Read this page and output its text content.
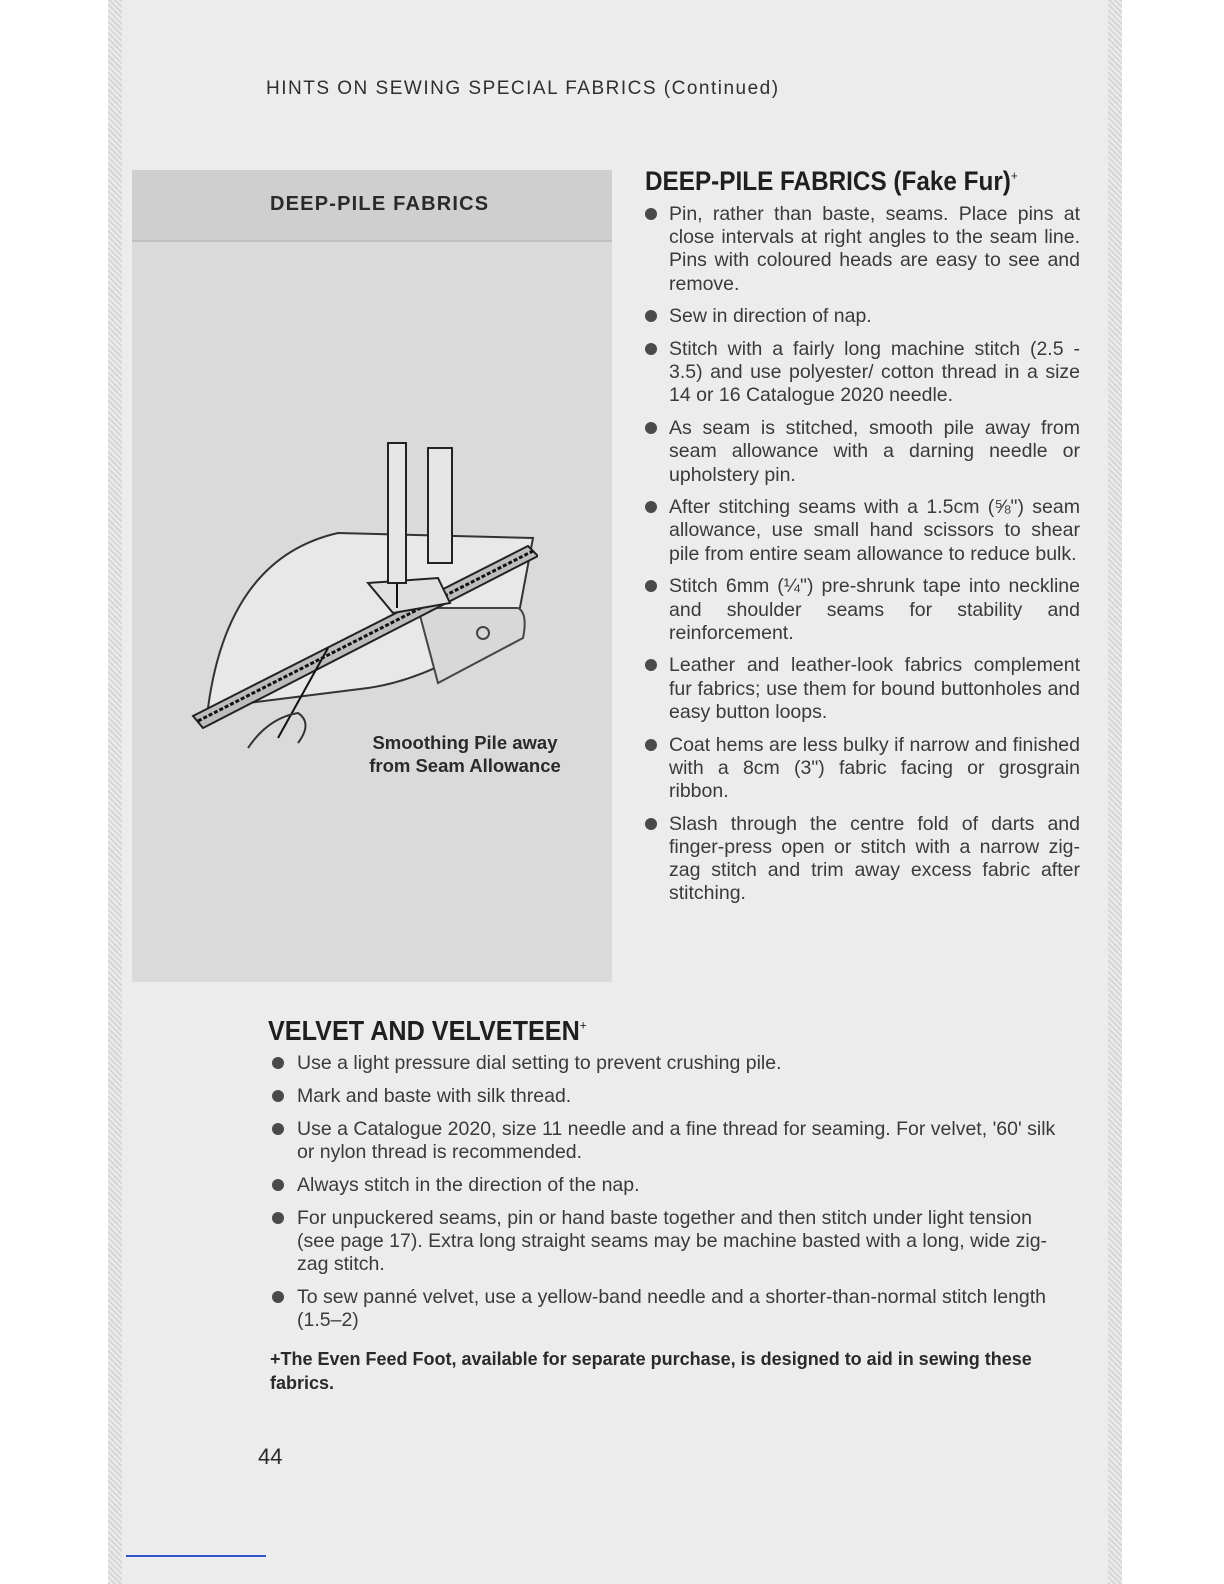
HINTS ON SEWING SPECIAL FABRICS (Continued)
DEEP-PILE FABRICS
Smoothing Pile away
from Seam Allowance
DEEP-PILE FABRICS (Fake Fur)+
Pin, rather than baste, seams. Place pins at close intervals at right angles to the seam line. Pins with coloured heads are easy to see and remove.
Sew in direction of nap.
Stitch with a fairly long machine stitch (2.5 - 3.5) and use polyester/ cotton thread in a size 14 or 16 Catalogue 2020 needle.
As seam is stitched, smooth pile away from seam allowance with a darning needle or upholstery pin.
After stitching seams with a 1.5cm (⅝") seam allowance, use small hand scissors to shear pile from entire seam allowance to reduce bulk.
Stitch 6mm (¼") pre-shrunk tape into neckline and shoulder seams for stability and reinforcement.
Leather and leather-look fabrics complement fur fabrics; use them for bound buttonholes and easy button loops.
Coat hems are less bulky if narrow and finished with a 8cm (3") fabric facing or grosgrain ribbon.
Slash through the centre fold of darts and finger-press open or stitch with a narrow zig-zag stitch and trim away excess fabric after stitching.
VELVET AND VELVETEEN+
Use a light pressure dial setting to prevent crushing pile.
Mark and baste with silk thread.
Use a Catalogue 2020, size 11 needle and a fine thread for seaming. For velvet, '60' silk or nylon thread is recommended.
Always stitch in the direction of the nap.
For unpuckered seams, pin or hand baste together and then stitch under light tension (see page 17). Extra long straight seams may be machine basted with a long, wide zig-zag stitch.
To sew panné velvet, use a yellow-band needle and a shorter-than-normal stitch length (1.5–2)
+The Even Feed Foot, available for separate purchase, is designed to aid in sewing these fabrics.
44
